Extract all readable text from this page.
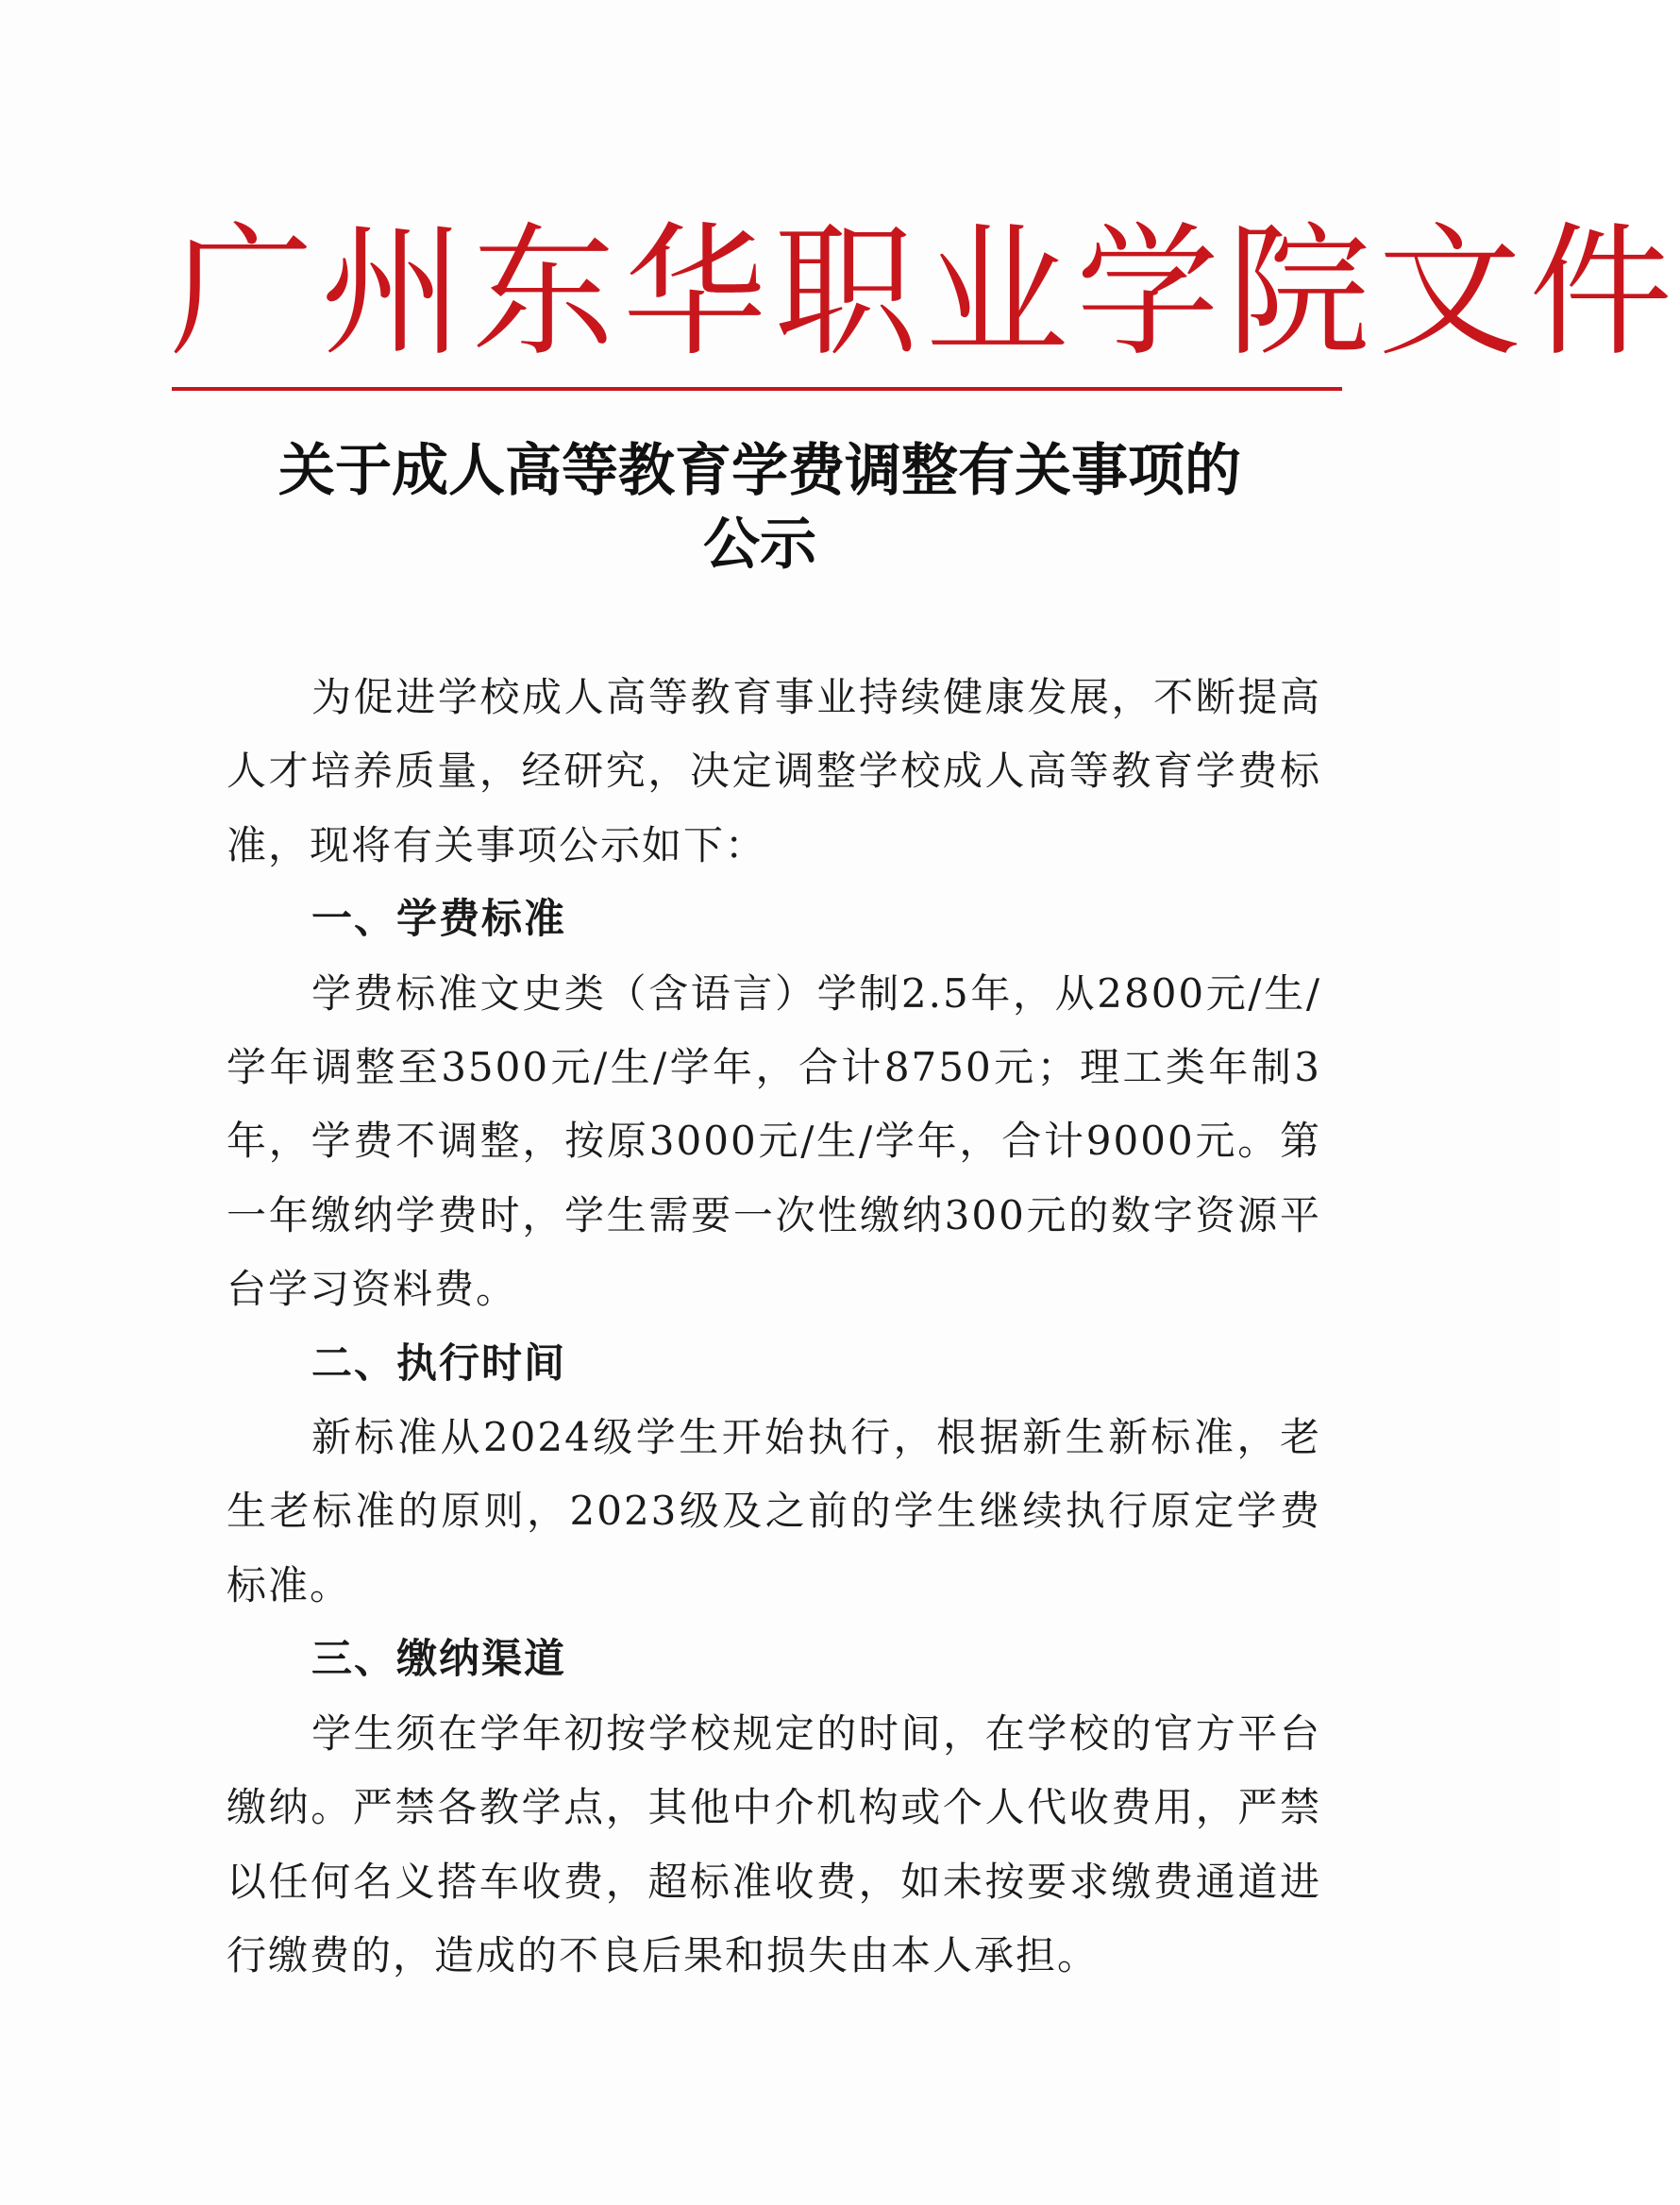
广州东华职业学院文件
关于成人高等教育学费调整有关事项的
公示

为促进学校成人高等教育事业持续健康发展，不断提高人才培养质量，经研究，决定调整学校成人高等教育学费标准，现将有关事项公示如下：

一、学费标准

学费标准文史类（含语言）学制2.5年，从2800元/生/学年调整至3500元/生/学年，合计8750元；理工类年制3年，学费不调整，按原3000元/生/学年，合计9000元。第一年缴纳学费时，学生需要一次性缴纳300元的数字资源平台学习资料费。

二、执行时间

新标准从2024级学生开始执行，根据新生新标准，老生老标准的原则，2023级及之前的学生继续执行原定学费标准。

三、缴纳渠道

学生须在学年初按学校规定的时间，在学校的官方平台缴纳。严禁各教学点，其他中介机构或个人代收费用，严禁以任何名义搭车收费，超标准收费，如未按要求缴费通道进行缴费的，造成的不良后果和损失由本人承担。
